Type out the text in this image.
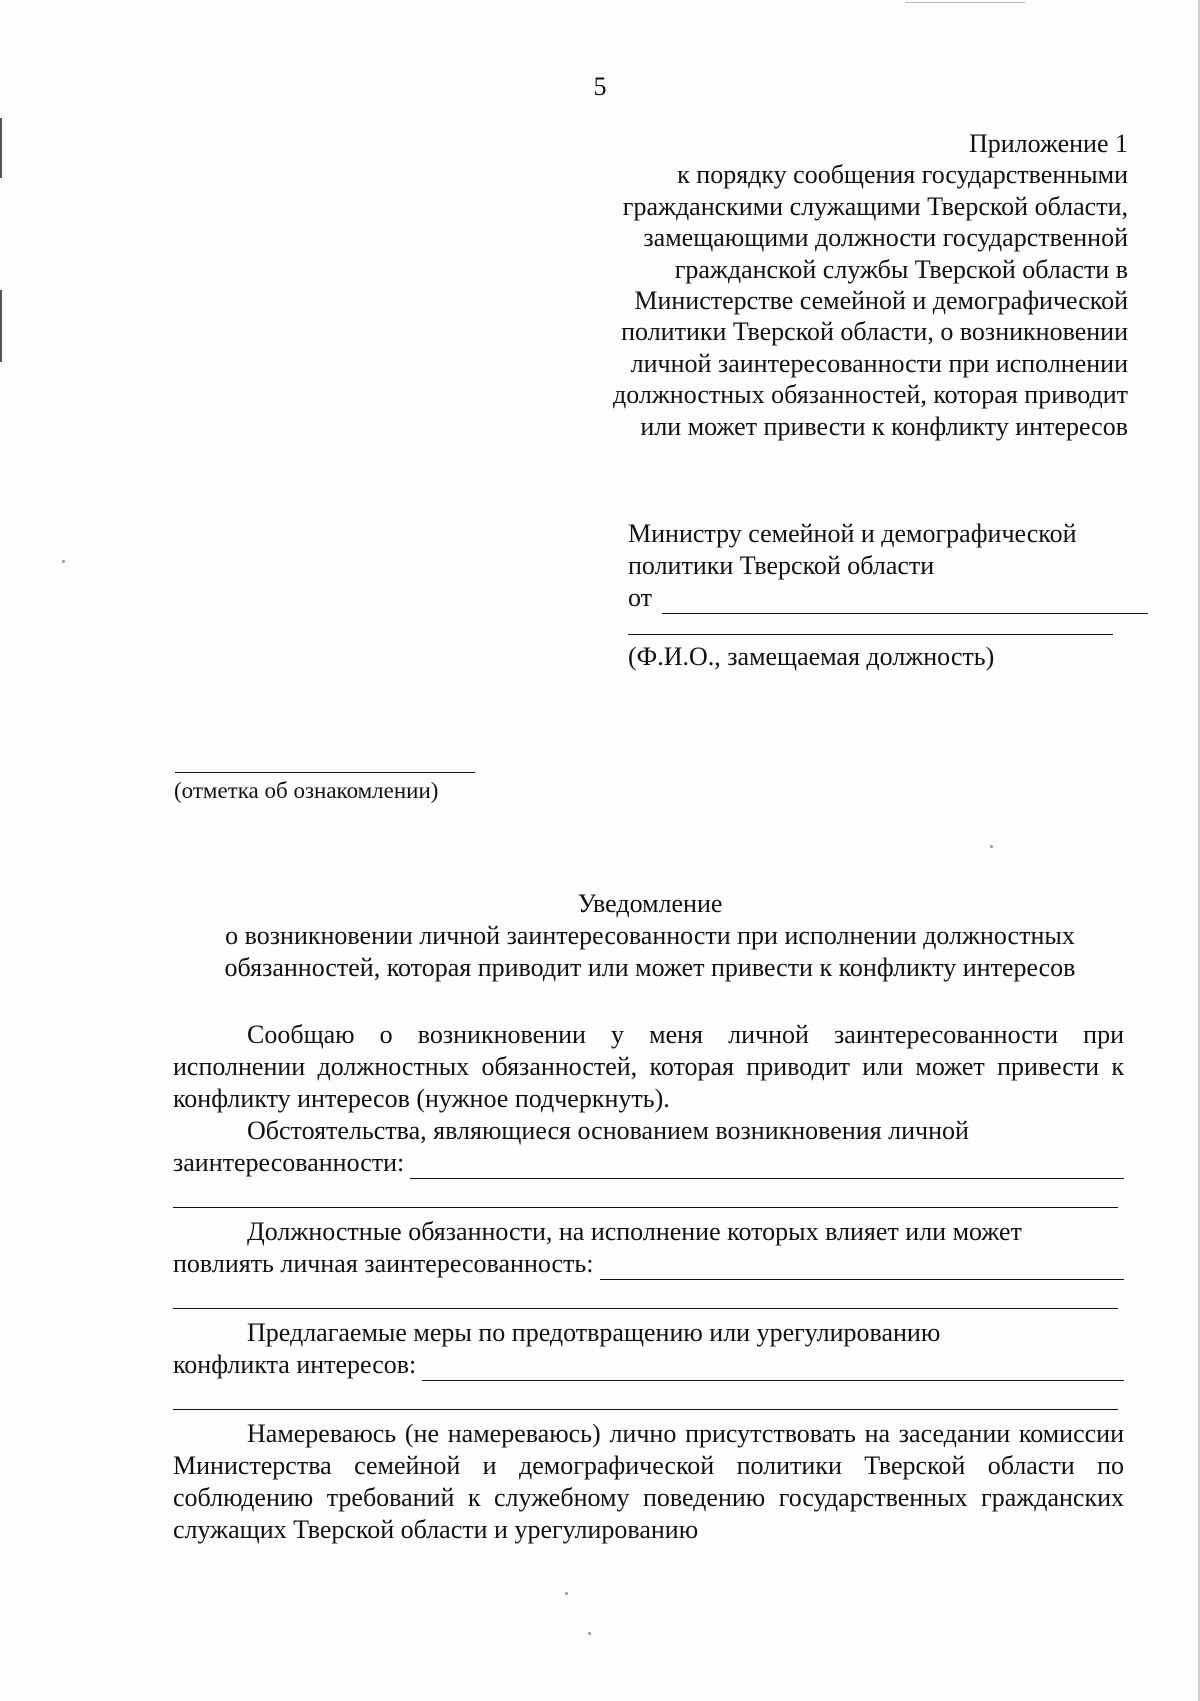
5
Приложение 1
к порядку сообщения государственными
гражданскими служащими Тверской области,
замещающими должности государственной
гражданской службы Тверской области в
Министерстве семейной и демографической
политики Тверской области, о возникновении
личной заинтересованности при исполнении
должностных обязанностей, которая приводит
или может привести к конфликту интересов
Министру семейной и демографической
политики Тверской области
от
(Ф.И.О., замещаемая должность)
(отметка об ознакомлении)
Уведомление
о возникновении личной заинтересованности при исполнении должностных
обязанностей, которая приводит или может привести к конфликту интересов

Сообщаю о возникновении у меня личной заинтересованности при исполнении должностных обязанностей, которая приводит или может привести к конфликту интересов (нужное подчеркнуть).

Обстоятельства, являющиеся основанием возникновения личной

заинтересованности:

Должностные обязанности, на исполнение которых влияет или может

повлиять личная заинтересованность:

Предлагаемые меры по предотвращению или урегулированию

конфликта интересов:

Намереваюсь (не намереваюсь) лично присутствовать на заседании комиссии Министерства семейной и демографической политики Тверской области по соблюдению требований к служебному поведению государственных гражданских служащих Тверской области и урегулированию
